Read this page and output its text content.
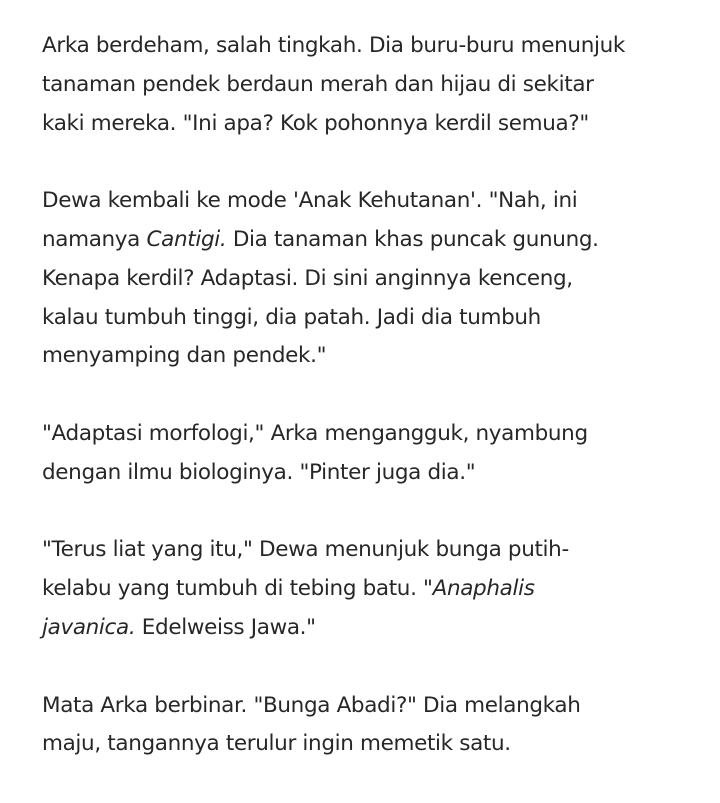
Arka berdeham, salah tingkah. Dia buru-buru menunjuk
tanaman pendek berdaun merah dan hijau di sekitar
kaki mereka. "Ini apa? Kok pohonnya kerdil semua?"

Dewa kembali ke mode 'Anak Kehutanan'. "Nah, ini
namanya Cantigi. Dia tanaman khas puncak gunung.
Kenapa kerdil? Adaptasi. Di sini anginnya kenceng,
kalau tumbuh tinggi, dia patah. Jadi dia tumbuh
menyamping dan pendek."

"Adaptasi morfologi," Arka mengangguk, nyambung
dengan ilmu biologinya. "Pinter juga dia."

"Terus liat yang itu," Dewa menunjuk bunga putih-
kelabu yang tumbuh di tebing batu. "Anaphalis
javanica. Edelweiss Jawa."

Mata Arka berbinar. "Bunga Abadi?" Dia melangkah
maju, tangannya terulur ingin memetik satu.
